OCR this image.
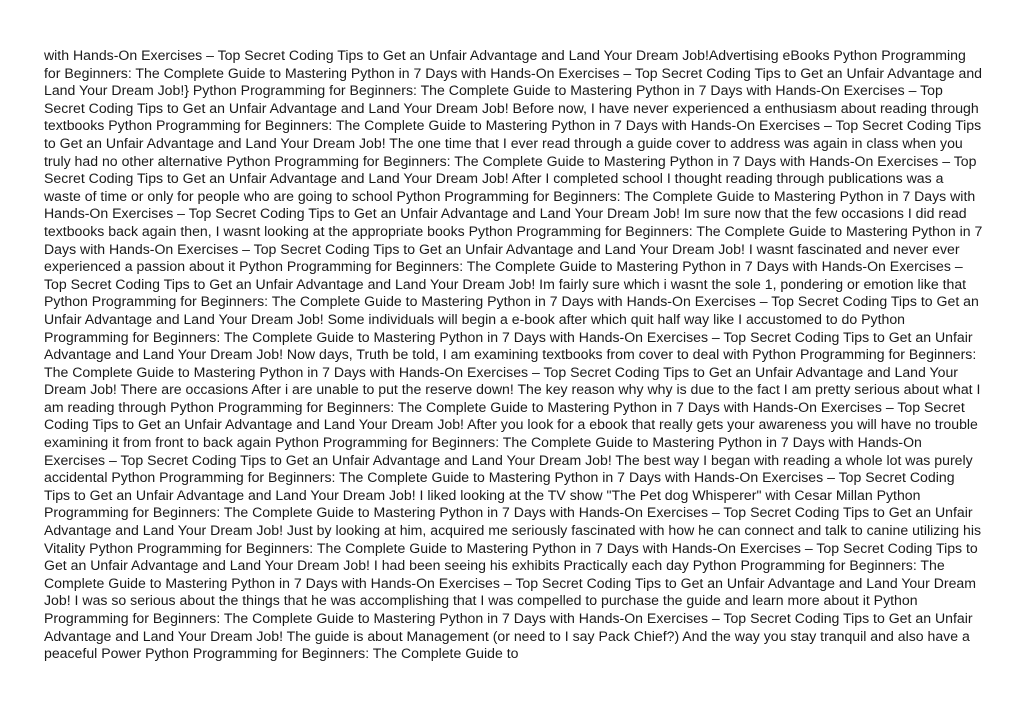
with Hands-On Exercises – Top Secret Coding Tips to Get an Unfair Advantage and Land Your Dream Job!Advertising eBooks Python Programming for Beginners: The Complete Guide to Mastering Python in 7 Days with Hands-On Exercises – Top Secret Coding Tips to Get an Unfair Advantage and Land Your Dream Job!} Python Programming for Beginners: The Complete Guide to Mastering Python in 7 Days with Hands-On Exercises – Top Secret Coding Tips to Get an Unfair Advantage and Land Your Dream Job! Before now, I have never experienced a enthusiasm about reading through textbooks Python Programming for Beginners: The Complete Guide to Mastering Python in 7 Days with Hands-On Exercises – Top Secret Coding Tips to Get an Unfair Advantage and Land Your Dream Job! The one time that I ever read through a guide cover to address was again in class when you truly had no other alternative Python Programming for Beginners: The Complete Guide to Mastering Python in 7 Days with Hands-On Exercises – Top Secret Coding Tips to Get an Unfair Advantage and Land Your Dream Job! After I completed school I thought reading through publications was a waste of time or only for people who are going to school Python Programming for Beginners: The Complete Guide to Mastering Python in 7 Days with Hands-On Exercises – Top Secret Coding Tips to Get an Unfair Advantage and Land Your Dream Job! Im sure now that the few occasions I did read textbooks back again then, I wasnt looking at the appropriate books Python Programming for Beginners: The Complete Guide to Mastering Python in 7 Days with Hands-On Exercises – Top Secret Coding Tips to Get an Unfair Advantage and Land Your Dream Job! I wasnt fascinated and never ever experienced a passion about it Python Programming for Beginners: The Complete Guide to Mastering Python in 7 Days with Hands-On Exercises – Top Secret Coding Tips to Get an Unfair Advantage and Land Your Dream Job! Im fairly sure which i wasnt the sole 1, pondering or emotion like that Python Programming for Beginners: The Complete Guide to Mastering Python in 7 Days with Hands-On Exercises – Top Secret Coding Tips to Get an Unfair Advantage and Land Your Dream Job! Some individuals will begin a e-book after which quit half way like I accustomed to do Python Programming for Beginners: The Complete Guide to Mastering Python in 7 Days with Hands-On Exercises – Top Secret Coding Tips to Get an Unfair Advantage and Land Your Dream Job! Now days, Truth be told, I am examining textbooks from cover to deal with Python Programming for Beginners: The Complete Guide to Mastering Python in 7 Days with Hands-On Exercises – Top Secret Coding Tips to Get an Unfair Advantage and Land Your Dream Job! There are occasions After i are unable to put the reserve down! The key reason why why is due to the fact I am pretty serious about what I am reading through Python Programming for Beginners: The Complete Guide to Mastering Python in 7 Days with Hands-On Exercises – Top Secret Coding Tips to Get an Unfair Advantage and Land Your Dream Job! After you look for a ebook that really gets your awareness you will have no trouble examining it from front to back again Python Programming for Beginners: The Complete Guide to Mastering Python in 7 Days with Hands-On Exercises – Top Secret Coding Tips to Get an Unfair Advantage and Land Your Dream Job! The best way I began with reading a whole lot was purely accidental Python Programming for Beginners: The Complete Guide to Mastering Python in 7 Days with Hands-On Exercises – Top Secret Coding Tips to Get an Unfair Advantage and Land Your Dream Job! I liked looking at the TV show "The Pet dog Whisperer" with Cesar Millan Python Programming for Beginners: The Complete Guide to Mastering Python in 7 Days with Hands-On Exercises – Top Secret Coding Tips to Get an Unfair Advantage and Land Your Dream Job! Just by looking at him, acquired me seriously fascinated with how he can connect and talk to canine utilizing his Vitality Python Programming for Beginners: The Complete Guide to Mastering Python in 7 Days with Hands-On Exercises – Top Secret Coding Tips to Get an Unfair Advantage and Land Your Dream Job! I had been seeing his exhibits Practically each day Python Programming for Beginners: The Complete Guide to Mastering Python in 7 Days with Hands-On Exercises – Top Secret Coding Tips to Get an Unfair Advantage and Land Your Dream Job! I was so serious about the things that he was accomplishing that I was compelled to purchase the guide and learn more about it Python Programming for Beginners: The Complete Guide to Mastering Python in 7 Days with Hands-On Exercises – Top Secret Coding Tips to Get an Unfair Advantage and Land Your Dream Job! The guide is about Management (or need to I say Pack Chief?) And the way you stay tranquil and also have a peaceful Power Python Programming for Beginners: The Complete Guide to
